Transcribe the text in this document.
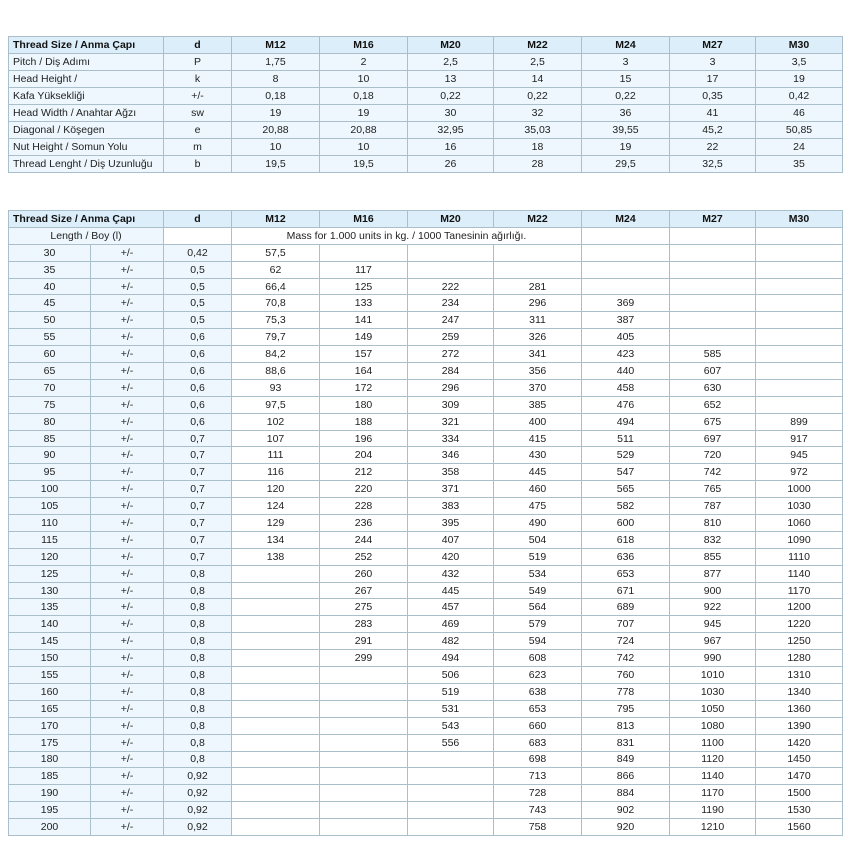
Thread Size / Anma Çapı	d	M12	M16	M20	M22	M24	M27	M30
Pitch / Diş Adımı	P	1,75	2	2,5	2,5	3	3	3,5
Head Height /	k	8	10	13	14	15	17	19
Kafa Yüksekliği	+/-	0,18	0,18	0,22	0,22	0,22	0,35	0,42
Head Width / Anahtar Ağzı	sw	19	19	30	32	36	41	46
Diagonal / Köşegen	e	20,88	20,88	32,95	35,03	39,55	45,2	50,85
Nut Height / Somun Yolu	m	10	10	16	18	19	22	24
Thread Lenght / Diş Uzunluğu	b	19,5	19,5	26	28	29,5	32,5	35
Thread Size / Anma Çapı		d	M12	M16	M20	M22	M24	M27	M30
Length / Boy (l)			Mass for 1.000 units in kg. / 1000 Tanesinin ağırlığı.						
30	+/-	0,42	57,5						
35	+/-	0,5	62	117					
40	+/-	0,5	66,4	125	222	281			
45	+/-	0,5	70,8	133	234	296	369		
50	+/-	0,5	75,3	141	247	311	387		
55	+/-	0,6	79,7	149	259	326	405		
60	+/-	0,6	84,2	157	272	341	423	585	
65	+/-	0,6	88,6	164	284	356	440	607	
70	+/-	0,6	93	172	296	370	458	630	
75	+/-	0,6	97,5	180	309	385	476	652	
80	+/-	0,6	102	188	321	400	494	675	899
85	+/-	0,7	107	196	334	415	511	697	917
90	+/-	0,7	111	204	346	430	529	720	945
95	+/-	0,7	116	212	358	445	547	742	972
100	+/-	0,7	120	220	371	460	565	765	1000
105	+/-	0,7	124	228	383	475	582	787	1030
110	+/-	0,7	129	236	395	490	600	810	1060
115	+/-	0,7	134	244	407	504	618	832	1090
120	+/-	0,7	138	252	420	519	636	855	1110
125	+/-	0,8		260	432	534	653	877	1140
130	+/-	0,8		267	445	549	671	900	1170
135	+/-	0,8		275	457	564	689	922	1200
140	+/-	0,8		283	469	579	707	945	1220
145	+/-	0,8		291	482	594	724	967	1250
150	+/-	0,8		299	494	608	742	990	1280
155	+/-	0,8			506	623	760	1010	1310
160	+/-	0,8			519	638	778	1030	1340
165	+/-	0,8			531	653	795	1050	1360
170	+/-	0,8			543	660	813	1080	1390
175	+/-	0,8			556	683	831	1100	1420
180	+/-	0,8				698	849	1120	1450
185	+/-	0,92				713	866	1140	1470
190	+/-	0,92				728	884	1170	1500
195	+/-	0,92				743	902	1190	1530
200	+/-	0,92				758	920	1210	1560
